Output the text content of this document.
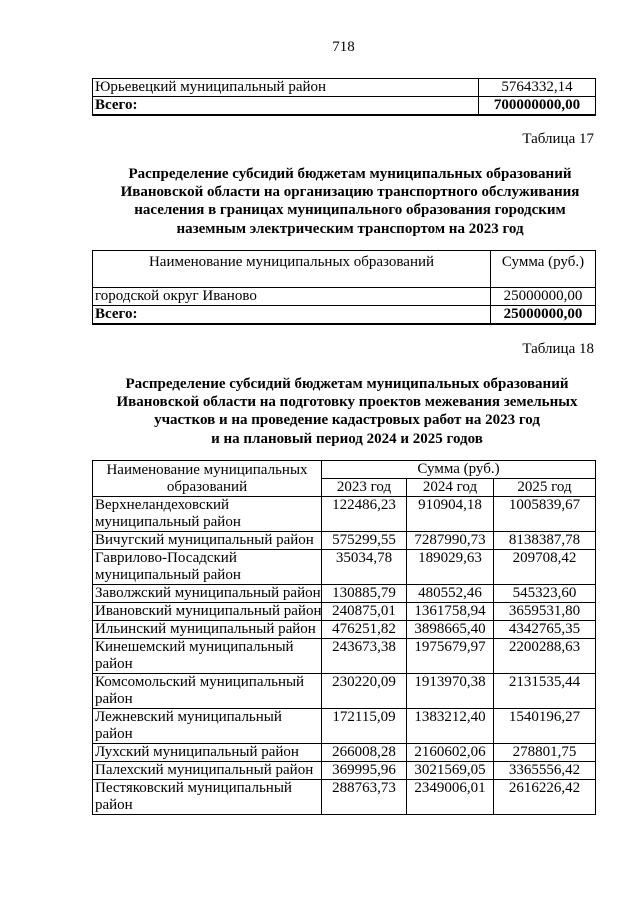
718
Юрьевецкий муниципальный район	5764332,14
Всего:	700000000,00
Таблица 17
Распределение субсидий бюджетам муниципальных образований
Ивановской области на организацию транспортного обслуживания
населения в границах муниципального образования городским
наземным электрическим транспортом на 2023 год
Наименование муниципальных образований	Сумма (руб.)

городской округ Иваново	25000000,00
Всего:	25000000,00
Таблица 18
Распределение субсидий бюджетам муниципальных образований
Ивановской области на подготовку проектов межевания земельных
участков и на проведение кадастровых работ на 2023 год
и на плановый период 2024 и 2025 годов
Наименование муниципальных образований	Сумма (руб.)		
	2023 год	2024 год	2025 год

Верхнеландеховский муниципальный район	122486,23	910904,18	1005839,67
Вичугский муниципальный район	575299,55	7287990,73	8138387,78

Гаврилово-Посадский муниципальный район	35034,78	189029,63	209708,42
Заволжский муниципальный район	130885,79	480552,46	545323,60
Ивановский муниципальный район	240875,01	1361758,94	3659531,80
Ильинский муниципальный район	476251,82	3898665,40	4342765,35

Кинешемский муниципальный район	243673,38	1975679,97	2200288,63

Комсомольский муниципальный район	230220,09	1913970,38	2131535,44

Лежневский муниципальный район	172115,09	1383212,40	1540196,27
Лухский муниципальный район	266008,28	2160602,06	278801,75
Палехский муниципальный район	369995,96	3021569,05	3365556,42

Пестяковский муниципальный район	288763,73	2349006,01	2616226,42
